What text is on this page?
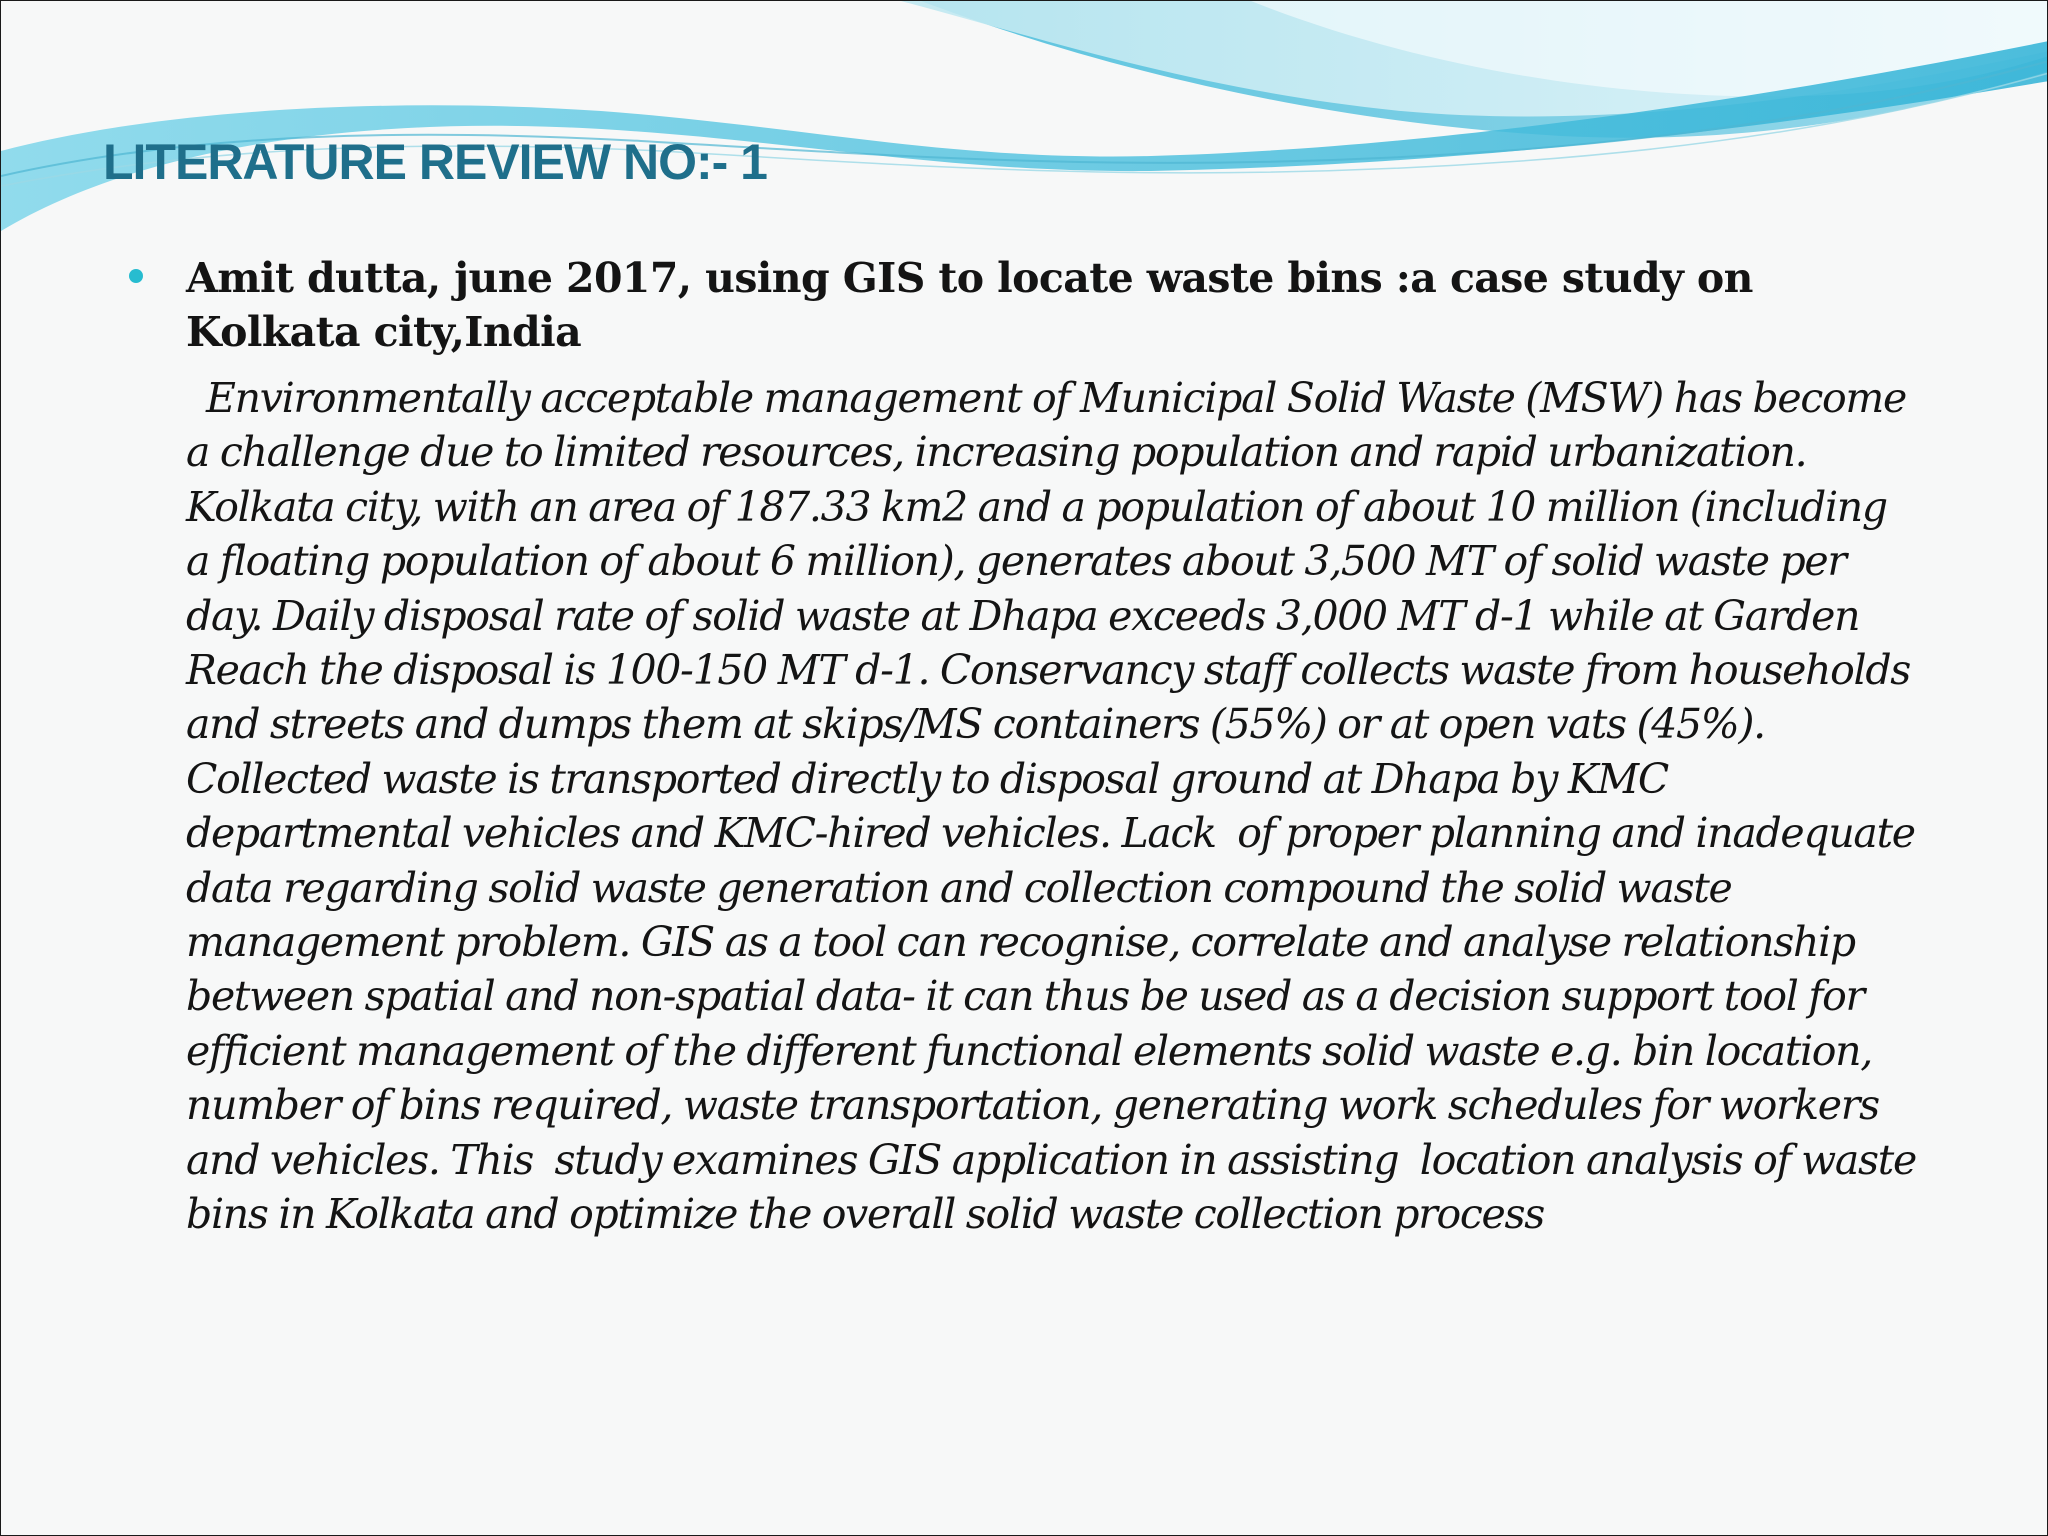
LITERATURE REVIEW NO:- 1

Amit dutta, june 2017, using GIS to locate waste bins :a case study on Kolkata city,India

Environmentally acceptable management of Municipal Solid Waste (MSW) has become a challenge due to limited resources, increasing population and rapid urbanization. Kolkata city, with an area of 187.33 km2 and a population of about 10 million (including a floating population of about 6 million), generates about 3,500 MT of solid waste per day. Daily disposal rate of solid waste at Dhapa exceeds 3,000 MT d-1 while at Garden Reach the disposal is 100-150 MT d-1. Conservancy staff collects waste from households and streets and dumps them at skips/MS containers (55%) or at open vats (45%). Collected waste is transported directly to disposal ground at Dhapa by KMC departmental vehicles and KMC-hired vehicles. Lack  of proper planning and inadequate data regarding solid waste generation and collection compound the solid waste management problem. GIS as a tool can recognise, correlate and analyse relationship between spatial and non-spatial data- it can thus be used as a decision support tool for efficient management of the different functional elements solid waste e.g. bin location, number of bins required, waste transportation, generating work schedules for workers and vehicles. This  study examines GIS application in assisting  location analysis of waste bins in Kolkata and optimize the overall solid waste collection process
